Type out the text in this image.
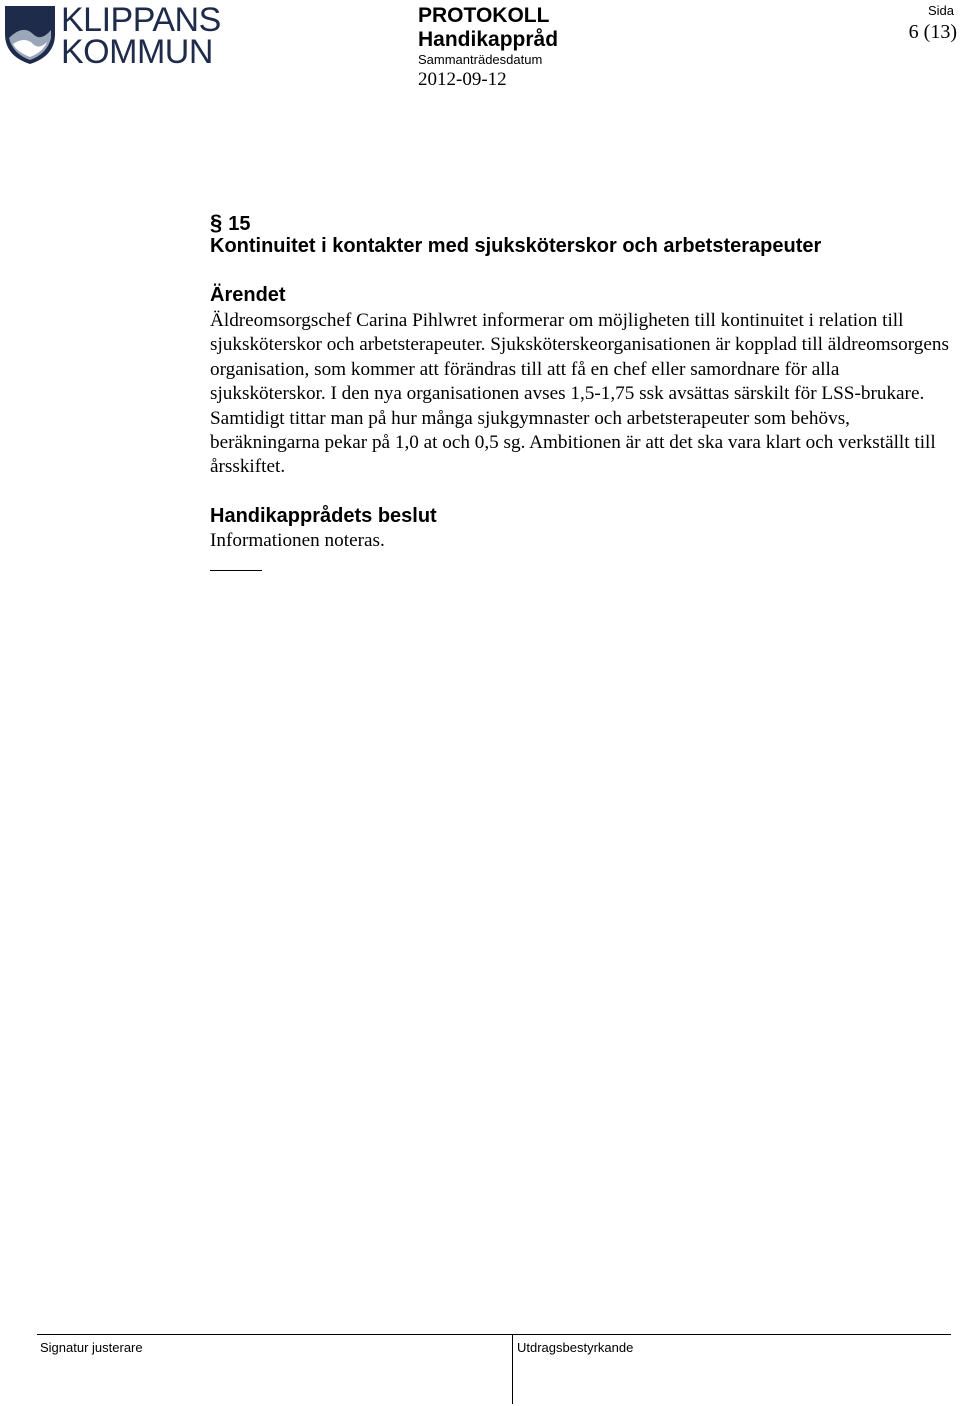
KLIPPANS
KOMMUN
PROTOKOLL
Handikappråd
Sammanträdesdatum
2012-09-12
Sida
6 (13)
§ 15
Kontinuitet i kontakter med sjuksköterskor och arbetsterapeuter
Ärendet

Äldreomsorgschef Carina Pihlwret informerar om möjligheten till kontinuitet i relation till sjuksköterskor och arbetsterapeuter. Sjuksköterskeorganisationen är kopplad till äldreomsorgens organisation, som kommer att förändras till att få en chef eller samordnare för alla sjuksköterskor. I den nya organisationen avses 1,5-1,75 ssk avsättas särskilt för LSS-brukare. Samtidigt tittar man på hur många sjukgymnaster och arbetsterapeuter som behövs, beräkningarna pekar på 1,0 at och 0,5 sg. Ambitionen är att det ska vara klart och verkställt till årsskiftet.

Handikapprådets beslut
Informationen noteras.
Signatur justerare	Utdragsbestyrkande
